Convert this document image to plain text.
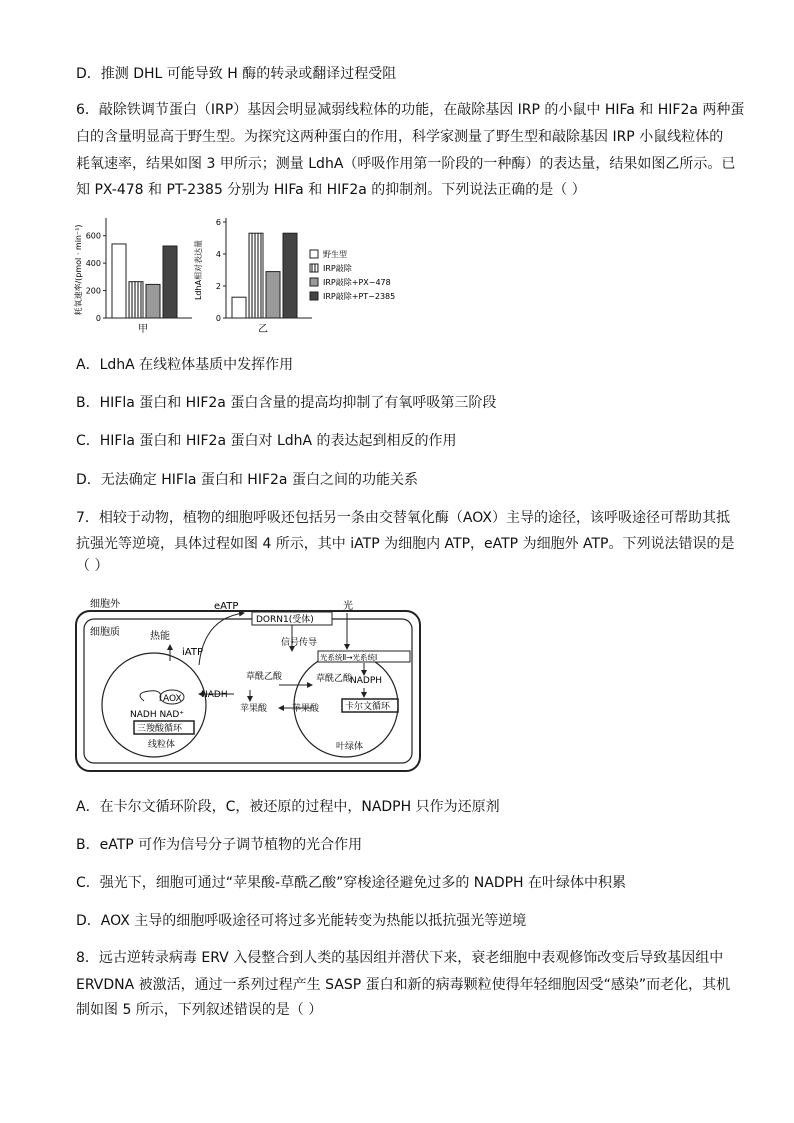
D．推测 DHL 可能导致 H 酶的转录或翻译过程受阻
6．敲除铁调节蛋白（IRP）基因会明显减弱线粒体的功能，在敲除基因 IRP 的小鼠中 HIFa 和 HIF2a 两种蛋
白的含量明显高于野生型。为探究这两种蛋白的作用，科学家测量了野生型和敲除基因 IRP 小鼠线粒体的
耗氧速率，结果如图 3 甲所示；测量 LdhA（呼吸作用第一阶段的一种酶）的表达量，结果如图乙所示。已
知 PX-478 和 PT-2385 分别为 HIFa 和 HIF2a 的抑制剂。下列说法正确的是（ ）
耗氧速率/(pmol · min⁻¹)
0
200
400
600
甲
LdhA相对表达量
0
2
4
6
乙
野生型
IRP敲除
IRP敲除+PX−478
IRP敲除+PT−2385
A．LdhA 在线粒体基质中发挥作用
B．HIFla 蛋白和 HIF2a 蛋白含量的提高均抑制了有氧呼吸第三阶段
C．HIFla 蛋白和 HIF2a 蛋白对 LdhA 的表达起到相反的作用
D．无法确定 HIFla 蛋白和 HIF2a 蛋白之间的功能关系
7．相较于动物，植物的细胞呼吸还包括另一条由交替氧化酶（AOX）主导的途径，该呼吸途径可帮助其抵
抗强光等逆境，具体过程如图 4 所示，其中 iATP 为细胞内 ATP，eATP 为细胞外 ATP。下列说法错误的是
（ ）
细胞外
细胞质
eATP
DORN1(受体)
光
信号传导
热能
iATP
AOX
NADH NAD⁺
三羧酸循环
线粒体
NADH
草酰乙酸
苹果酸
光系统Ⅱ→光系统Ⅰ
草酰乙酸
NADPH
苹果酸	卡尔文循环
叶绿体
A．在卡尔文循环阶段，C，被还原的过程中，NADPH 只作为还原剂
B．eATP 可作为信号分子调节植物的光合作用
C．强光下，细胞可通过“苹果酸-草酰乙酸”穿梭途径避免过多的 NADPH 在叶绿体中积累
D．AOX 主导的细胞呼吸途径可将过多光能转变为热能以抵抗强光等逆境
8．远古逆转录病毒 ERV 入侵整合到人类的基因组并潜伏下来，衰老细胞中表观修饰改变后导致基因组中
ERVDNA 被激活，通过一系列过程产生 SASP 蛋白和新的病毒颗粒使得年轻细胞因受“感染”而老化，其机
制如图 5 所示，下列叙述错误的是（ ）
